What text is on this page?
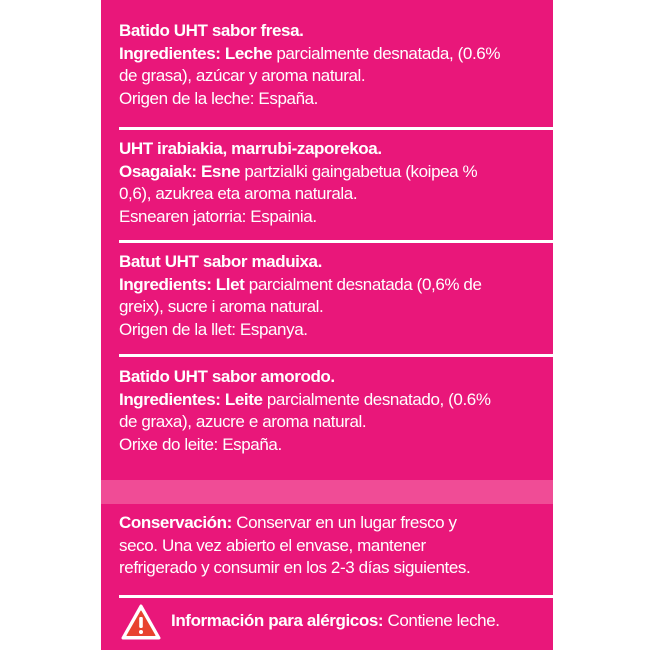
Batido UHT sabor fresa.
Ingredientes: Leche parcialmente desnatada, (0.6%
de grasa), azúcar y aroma natural.
Origen de la leche: España.
UHT irabiakia, marrubi-zaporekoa.
Osagaiak: Esne partzialki gaingabetua (koipea %
0,6), azukrea eta aroma naturala.
Esnearen jatorria: Espainia.
Batut UHT sabor maduixa.
Ingredients: Llet parcialment desnatada (0,6% de
greix), sucre i aroma natural.
Origen de la llet: Espanya.
Batido UHT sabor amorodo.
Ingredientes: Leite parcialmente desnatado, (0.6%
de graxa), azucre e aroma natural.
Orixe do leite: España.
Conservación: Conservar en un lugar fresco y
seco. Una vez abierto el envase, mantener
refrigerado y consumir en los 2-3 días siguientes.
Información para alérgicos: Contiene leche.
